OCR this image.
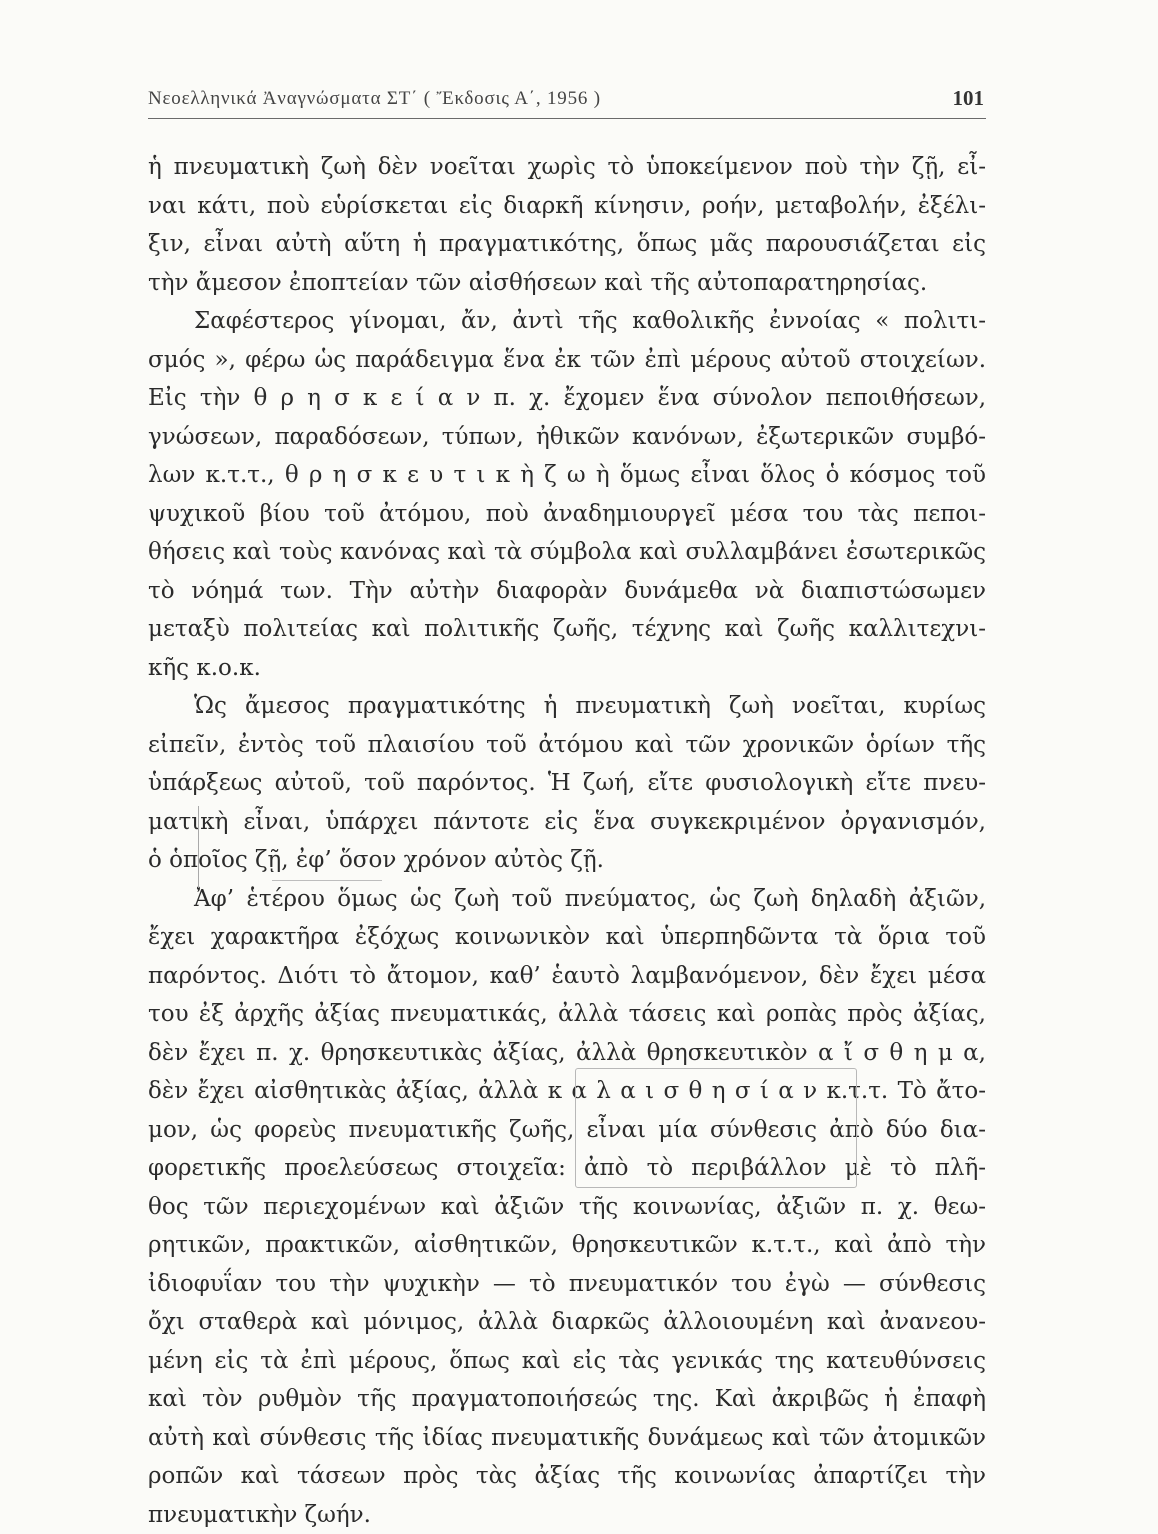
Νεοελληνικά Ἀναγνώσματα ΣΤ΄ ( Ἔκδοσις Α΄, 1956 )	101
ἡ πνευματικὴ ζωὴ δὲν νοεῖται χωρὶς τὸ ὑποκείμενον ποὺ τὴν ζῇ, εἶ-
ναι κάτι, ποὺ εὑρίσκεται εἰς διαρκῆ κίνησιν, ροήν, μεταβολήν, ἐξέλι-
ξιν, εἶναι αὐτὴ αὕτη ἡ πραγματικότης, ὅπως μᾶς παρουσιάζεται εἰς
τὴν ἄμεσον ἐποπτείαν τῶν αἰσθήσεων καὶ τῆς αὐτοπαρατηρησίας.
Σαφέστερος γίνομαι, ἄν, ἀντὶ τῆς καθολικῆς ἐννοίας « πολιτι-
σμός », φέρω ὡς παράδειγμα ἕνα ἐκ τῶν ἐπὶ μέρους αὐτοῦ στοιχείων.
Εἰς τὴν θ ρ η σ κ ε ί α ν π. χ. ἔχομεν ἕνα σύνολον πεποιθήσεων,
γνώσεων, παραδόσεων, τύπων, ἠθικῶν κανόνων, ἐξωτερικῶν συμβό-
λων κ.τ.τ., θ ρ η σ κ ε υ τ ι κ ὴ ζ ω ὴ ὅμως εἶναι ὅλος ὁ κόσμος τοῦ
ψυχικοῦ βίου τοῦ ἀτόμου, ποὺ ἀναδημιουργεῖ μέσα του τὰς πεποι-
θήσεις καὶ τοὺς κανόνας καὶ τὰ σύμβολα καὶ συλλαμβάνει ἐσωτερικῶς
τὸ νόημά των. Τὴν αὐτὴν διαφορὰν δυνάμεθα νὰ διαπιστώσωμεν
μεταξὺ πολιτείας καὶ πολιτικῆς ζωῆς, τέχνης καὶ ζωῆς καλλιτεχνι-
κῆς κ.ο.κ.
Ὡς ἄμεσος πραγματικότης ἡ πνευματικὴ ζωὴ νοεῖται, κυρίως
εἰπεῖν, ἐντὸς τοῦ πλαισίου τοῦ ἀτόμου καὶ τῶν χρονικῶν ὁρίων τῆς
ὑπάρξεως αὐτοῦ, τοῦ παρόντος. Ἡ ζωή, εἴτε φυσιολογικὴ εἴτε πνευ-
ματικὴ εἶναι, ὑπάρχει πάντοτε εἰς ἕνα συγκεκριμένον ὀργανισμόν,
ὁ ὁποῖος ζῇ, ἐφ’ ὅσον χρόνον αὐτὸς ζῇ.
Ἀφ’ ἑτέρου ὅμως ὡς ζωὴ τοῦ πνεύματος, ὡς ζωὴ δηλαδὴ ἀξιῶν,
ἔχει χαρακτῆρα ἐξόχως κοινωνικὸν καὶ ὑπερπηδῶντα τὰ ὅρια τοῦ
παρόντος. Διότι τὸ ἄτομον, καθ’ ἑαυτὸ λαμβανόμενον, δὲν ἔχει μέσα
του ἐξ ἀρχῆς ἀξίας πνευματικάς, ἀλλὰ τάσεις καὶ ροπὰς πρὸς ἀξίας,
δὲν ἔχει π. χ. θρησκευτικὰς ἀξίας, ἀλλὰ θρησκευτικὸν α ἴ σ θ η μ α,
δὲν ἔχει αἰσθητικὰς ἀξίας, ἀλλὰ κ α λ α ι σ θ η σ ί α ν κ.τ.τ. Τὸ ἄτο-
μον, ὡς φορεὺς πνευματικῆς ζωῆς, εἶναι μία σύνθεσις ἀπὸ δύο δια-
φορετικῆς προελεύσεως στοιχεῖα: ἀπὸ τὸ περιβάλλον μὲ τὸ πλῆ-
θος τῶν περιεχομένων καὶ ἀξιῶν τῆς κοινωνίας, ἀξιῶν π. χ. θεω-
ρητικῶν, πρακτικῶν, αἰσθητικῶν, θρησκευτικῶν κ.τ.τ., καὶ ἀπὸ τὴν
ἰδιοφυΐαν του τὴν ψυχικὴν — τὸ πνευματικόν του ἐγὼ — σύνθεσις
ὄχι σταθερὰ καὶ μόνιμος, ἀλλὰ διαρκῶς ἀλλοιουμένη καὶ ἀνανεου-
μένη εἰς τὰ ἐπὶ μέρους, ὅπως καὶ εἰς τὰς γενικάς της κατευθύνσεις
καὶ τὸν ρυθμὸν τῆς πραγματοποιήσεώς της. Καὶ ἀκριβῶς ἡ ἐπαφὴ
αὐτὴ καὶ σύνθεσις τῆς ἰδίας πνευματικῆς δυνάμεως καὶ τῶν ἀτομικῶν
ροπῶν καὶ τάσεων πρὸς τὰς ἀξίας τῆς κοινωνίας ἀπαρτίζει τὴν
πνευματικὴν ζωήν.
